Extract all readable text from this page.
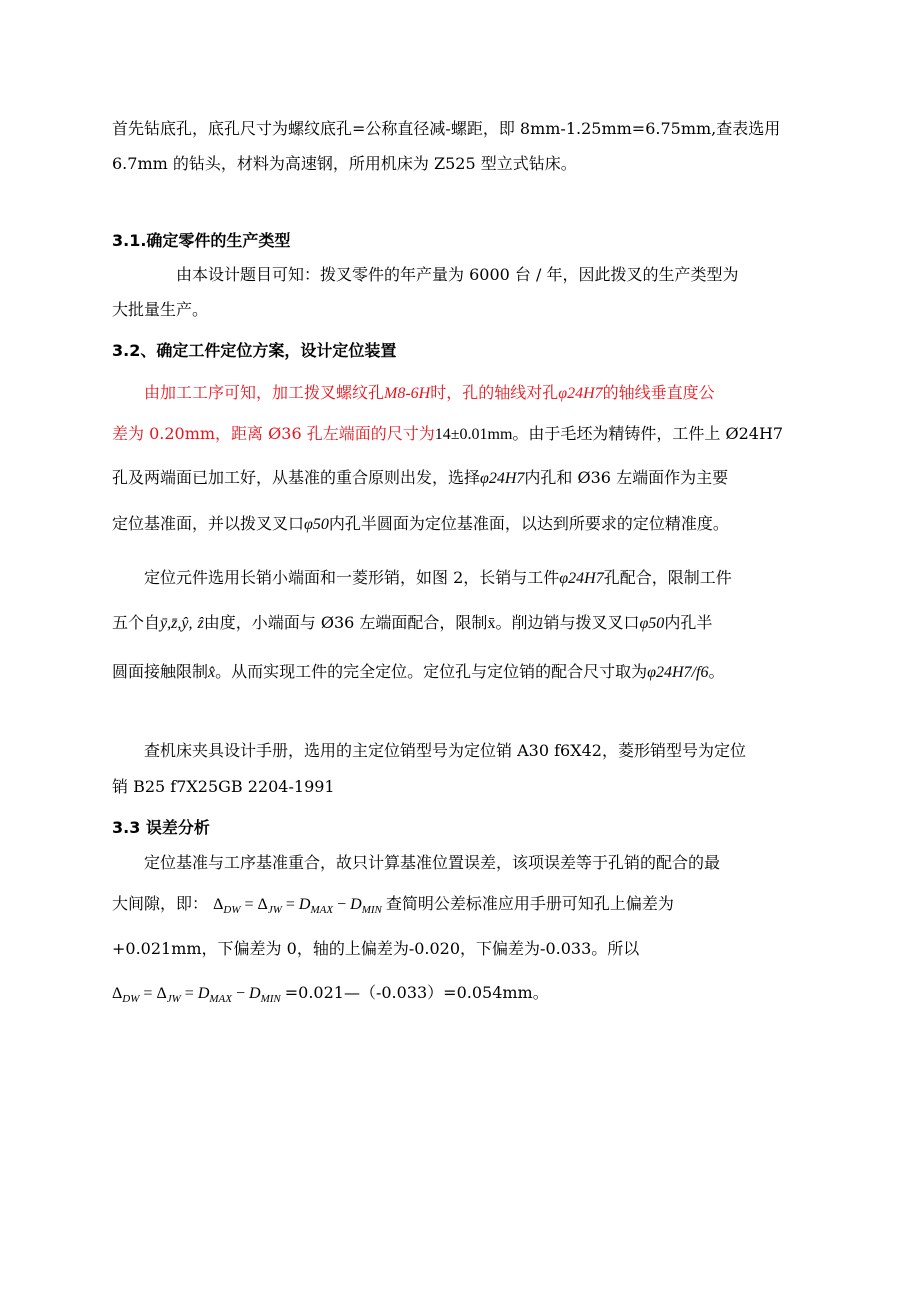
首先钻底孔，底孔尺寸为螺纹底孔=公称直径减-螺距，即 8mm-1.25mm=6.75mm,查表选用
6.7mm 的钻头，材料为高速钢，所用机床为 Z525 型立式钻床。
3.1.确定零件的生产类型
由本设计题目可知：拨叉零件的年产量为 6000 台 / 年，因此拨叉的生产类型为
大批量生产。
3.2、确定工件定位方案，设计定位装置
由加工工序可知，加工拨叉螺纹孔M8-6H时，孔的轴线对孔φ24H7的轴线垂直度公
差为 0.20mm，距离 Ø36 孔左端面的尺寸为14±0.01mm。由于毛坯为精铸件，工件上 Ø24H7
孔及两端面已加工好，从基准的重合原则出发，选择φ24H7内孔和 Ø36 左端面作为主要
定位基准面，并以拨叉叉口φ50内孔半圆面为定位基准面，以达到所要求的定位精准度。
定位元件选用长销小端面和一菱形销，如图 2，长销与工件φ24H7孔配合，限制工件
五个自ȳ,z̄,ŷ, ẑ由度，小端面与 Ø36 左端面配合，限制x̄。削边销与拨叉叉口φ50内孔半
圆面接触限制x̂。从而实现工件的完全定位。定位孔与定位销的配合尺寸取为φ24H7/f6。
查机床夹具设计手册，选用的主定位销型号为定位销 A30 f6X42，菱形销型号为定位
销 B25 f7X25GB 2204-1991
3.3 误差分析
定位基准与工序基准重合，故只计算基准位置误差，该项误差等于孔销的配合的最
大间隙，即： $\Delta_{DW} = \Delta_{JW} = D_{MAX} - D_{MIN}$ 查简明公差标准应用手册可知孔上偏差为
+0.021mm，下偏差为 0，轴的上偏差为-0.020，下偏差为-0.033。所以
$\Delta_{DW} = \Delta_{JW} = D_{MAX} - D_{MIN}$ =0.021—（-0.033）=0.054mm。
